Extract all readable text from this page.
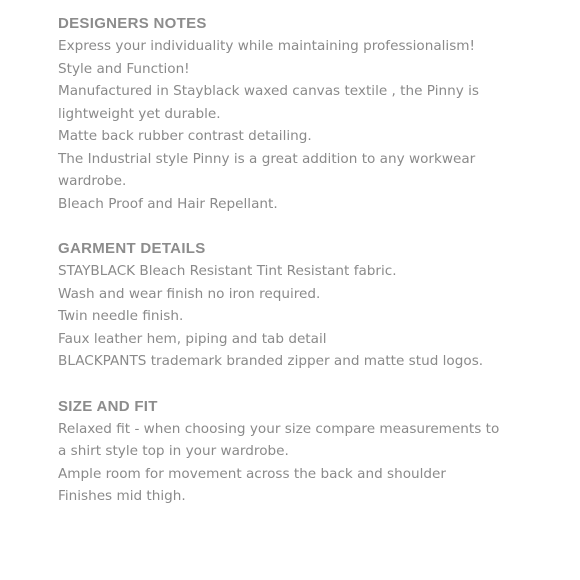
DESIGNERS NOTES

Express your individuality while maintaining professionalism!

Style and Function!

Manufactured in Stayblack waxed canvas textile , the Pinny is

lightweight yet durable.

Matte back rubber contrast detailing.

The Industrial style Pinny is a great addition to any workwear

wardrobe.

Bleach Proof and Hair Repellant.

GARMENT DETAILS

STAYBLACK Bleach Resistant Tint Resistant fabric.

Wash and wear finish no iron required.

Twin needle finish.

Faux leather hem, piping and tab detail

BLACKPANTS trademark branded zipper and matte stud logos.

SIZE AND FIT

Relaxed fit - when choosing your size compare measurements to

a shirt style top in your wardrobe.

Ample room for movement across the back and shoulder

Finishes mid thigh.
